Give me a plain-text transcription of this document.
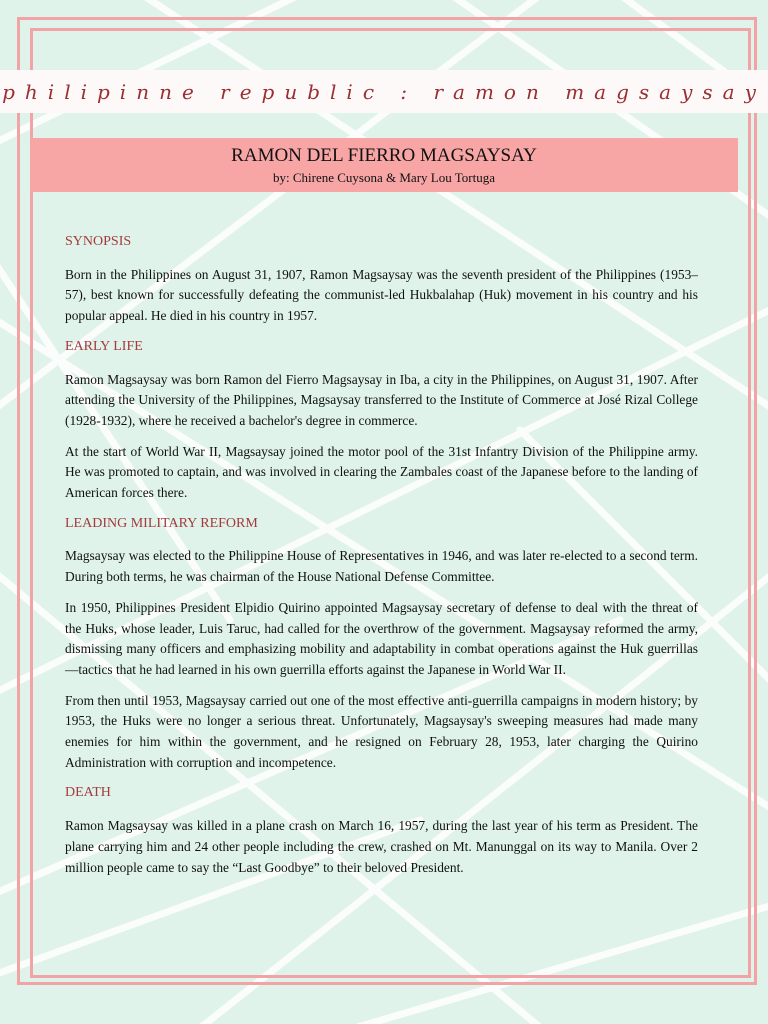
philipinne republic : ramon magsaysay
RAMON DEL FIERRO MAGSAYSAY
by: Chirene Cuysona & Mary Lou Tortuga
SYNOPSIS

Born in the Philippines on August 31, 1907, Ramon Magsaysay was the seventh president of the Philippines (1953–57), best known for successfully defeating the communist-led Hukbalahap (Huk) movement in his country and his popular appeal. He died in his country in 1957.

EARLY LIFE

Ramon Magsaysay was born Ramon del Fierro Magsaysay in Iba, a city in the Philippines, on August 31, 1907. After attending the University of the Philippines, Magsaysay transferred to the Institute of Commerce at José Rizal College (1928-1932), where he received a bachelor's degree in commerce.

At the start of World War II, Magsaysay joined the motor pool of the 31st Infantry Division of the Philippine army. He was promoted to captain, and was involved in clearing the Zambales coast of the Japanese before to the landing of American forces there.

LEADING MILITARY REFORM

Magsaysay was elected to the Philippine House of Representatives in 1946, and was later re-elected to a second term. During both terms, he was chairman of the House National Defense Committee.

In 1950, Philippines President Elpidio Quirino appointed Magsaysay secretary of defense to deal with the threat of the Huks, whose leader, Luis Taruc, had called for the overthrow of the government. Magsaysay reformed the army, dismissing many officers and emphasizing mobility and adaptability in combat operations against the Huk guerrillas—tactics that he had learned in his own guerrilla efforts against the Japanese in World War II.

From then until 1953, Magsaysay carried out one of the most effective anti-guerrilla campaigns in modern history; by 1953, the Huks were no longer a serious threat. Unfortunately, Magsaysay's sweeping measures had made many enemies for him within the government, and he resigned on February 28, 1953, later charging the Quirino Administration with corruption and incompetence.

DEATH

Ramon Magsaysay was killed in a plane crash on March 16, 1957, during the last year of his term as President. The plane carrying him and 24 other people including the crew, crashed on Mt. Manunggal on its way to Manila. Over 2 million people came to say the “Last Goodbye” to their beloved President.
